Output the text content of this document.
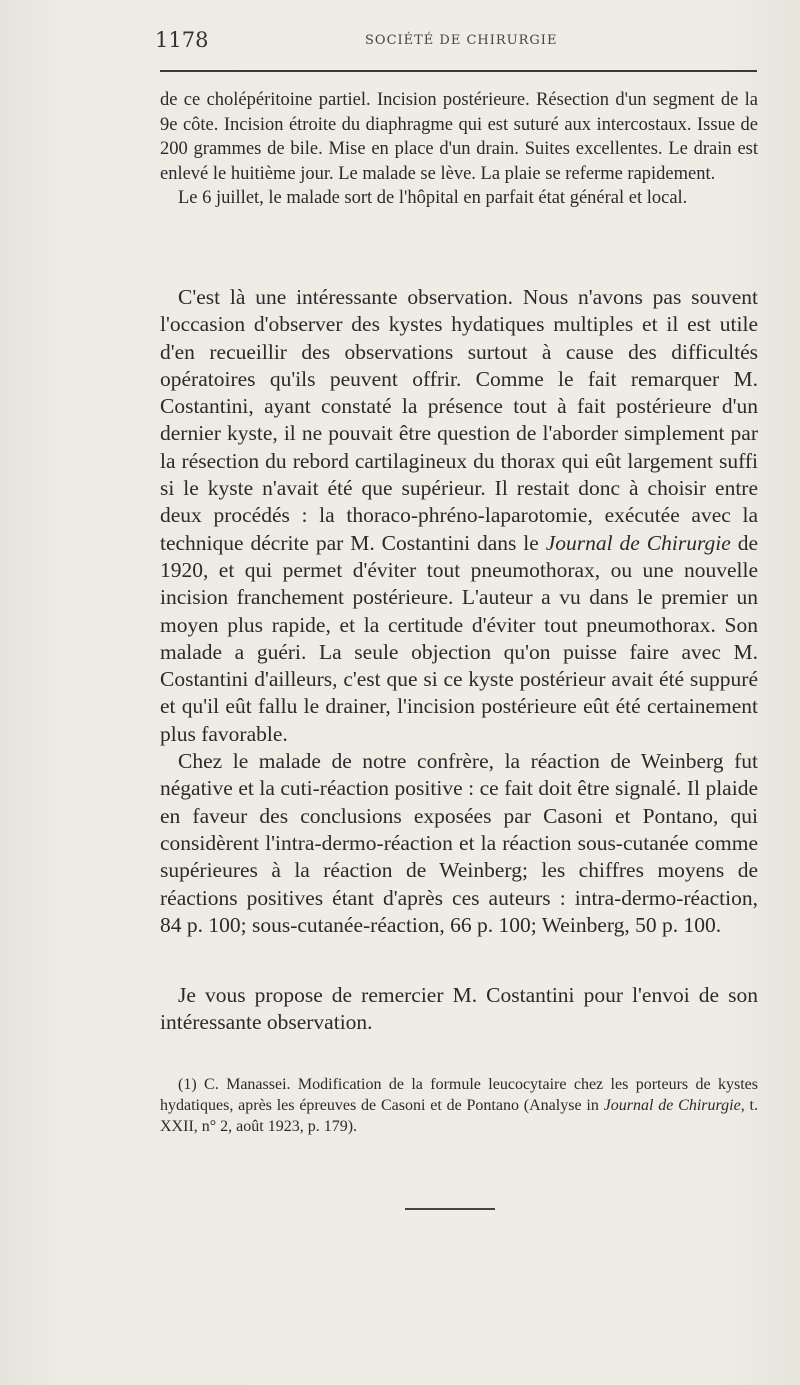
1178	SOCIÉTÉ DE CHIRURGIE

de ce cholépéritoine partiel. Incision postérieure. Résection d'un segment de la 9e côte. Incision étroite du diaphragme qui est suturé aux intercostaux. Issue de 200 grammes de bile. Mise en place d'un drain. Suites excellentes. Le drain est enlevé le huitième jour. Le malade se lève. La plaie se referme rapidement.

Le 6 juillet, le malade sort de l'hôpital en parfait état général et local.

C'est là une intéressante observation. Nous n'avons pas souvent l'occasion d'observer des kystes hydatiques multiples et il est utile d'en recueillir des observations surtout à cause des difficultés opératoires qu'ils peuvent offrir. Comme le fait remarquer M. Costantini, ayant constaté la présence tout à fait postérieure d'un dernier kyste, il ne pouvait être question de l'aborder simplement par la résection du rebord cartilagineux du thorax qui eût largement suffi si le kyste n'avait été que supérieur. Il restait donc à choisir entre deux procédés : la thoraco-phréno-laparotomie, exécutée avec la technique décrite par M. Costantini dans le Journal de Chirurgie de 1920, et qui permet d'éviter tout pneumothorax, ou une nouvelle incision franchement postérieure. L'auteur a vu dans le premier un moyen plus rapide, et la certitude d'éviter tout pneumothorax. Son malade a guéri. La seule objection qu'on puisse faire avec M. Costantini d'ailleurs, c'est que si ce kyste postérieur avait été suppuré et qu'il eût fallu le drainer, l'incision postérieure eût été certainement plus favorable.

Chez le malade de notre confrère, la réaction de Weinberg fut négative et la cuti-réaction positive : ce fait doit être signalé. Il plaide en faveur des conclusions exposées par Casoni et Pontano, qui considèrent l'intra-dermo-réaction et la réaction sous-cutanée comme supérieures à la réaction de Weinberg; les chiffres moyens de réactions positives étant d'après ces auteurs : intra-dermo-réaction, 84 p. 100; sous-cutanée-réaction, 66 p. 100; Weinberg, 50 p. 100.

Je vous propose de remercier M. Costantini pour l'envoi de son intéressante observation.

(1) C. Manassei. Modification de la formule leucocytaire chez les porteurs de kystes hydatiques, après les épreuves de Casoni et de Pontano (Analyse in Journal de Chirurgie, t. XXII, n° 2, août 1923, p. 179).
